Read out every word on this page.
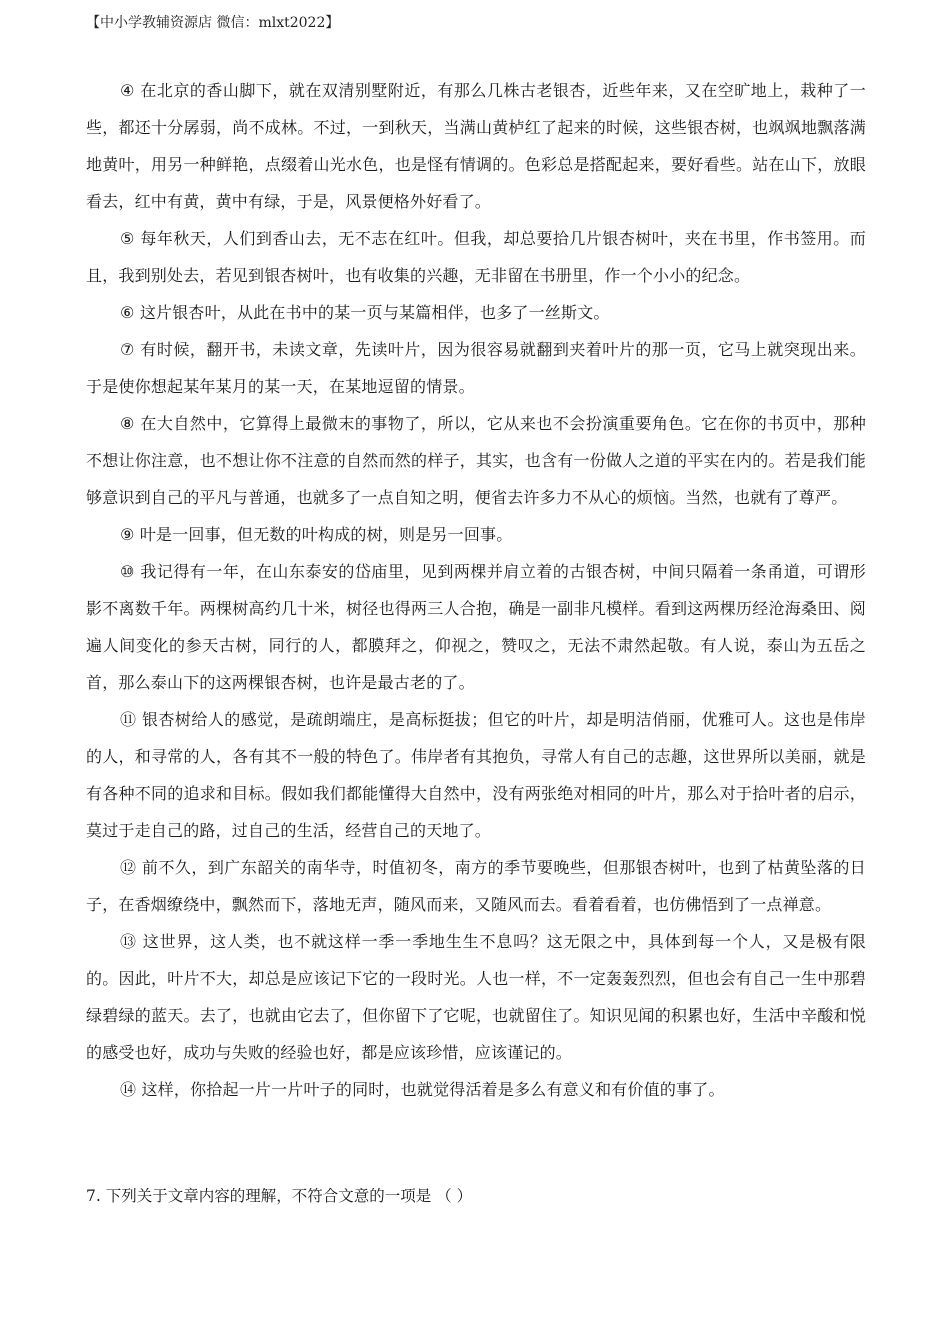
【中小学教辅资源店 微信：mlxt2022】

④ 在北京的香山脚下，就在双清别墅附近，有那么几株古老银杏，近些年来，又在空旷地上，栽种了一些，都还十分孱弱，尚不成林。不过，一到秋天，当满山黄栌红了起来的时候，这些银杏树，也飒飒地飘落满地黄叶，用另一种鲜艳，点缀着山光水色，也是怪有情调的。色彩总是搭配起来，要好看些。站在山下，放眼看去，红中有黄，黄中有绿，于是，风景便格外好看了。

⑤ 每年秋天，人们到香山去，无不志在红叶。但我，却总要拾几片银杏树叶，夹在书里，作书签用。而且，我到别处去，若见到银杏树叶，也有收集的兴趣，无非留在书册里，作一个小小的纪念。

⑥ 这片银杏叶，从此在书中的某一页与某篇相伴，也多了一丝斯文。

⑦ 有时候，翻开书，未读文章，先读叶片，因为很容易就翻到夹着叶片的那一页，它马上就突现出来。于是使你想起某年某月的某一天，在某地逗留的情景。

⑧ 在大自然中，它算得上最微末的事物了，所以，它从来也不会扮演重要角色。它在你的书页中，那种不想让你注意，也不想让你不注意的自然而然的样子，其实，也含有一份做人之道的平实在内的。若是我们能够意识到自己的平凡与普通，也就多了一点自知之明，便省去许多力不从心的烦恼。当然，也就有了尊严。

⑨ 叶是一回事，但无数的叶构成的树，则是另一回事。

⑩ 我记得有一年，在山东泰安的岱庙里，见到两棵并肩立着的古银杏树，中间只隔着一条甬道，可谓形影不离数千年。两棵树高约几十米，树径也得两三人合抱，确是一副非凡模样。看到这两棵历经沧海桑田、阅遍人间变化的参天古树，同行的人，都膜拜之，仰视之，赞叹之，无法不肃然起敬。有人说，泰山为五岳之首，那么泰山下的这两棵银杏树，也许是最古老的了。

⑪ 银杏树给人的感觉，是疏朗端庄，是高标挺拔；但它的叶片，却是明洁俏丽，优雅可人。这也是伟岸的人，和寻常的人，各有其不一般的特色了。伟岸者有其抱负，寻常人有自己的志趣，这世界所以美丽，就是有各种不同的追求和目标。假如我们都能懂得大自然中，没有两张绝对相同的叶片，那么对于拾叶者的启示，莫过于走自己的路，过自己的生活，经营自己的天地了。

⑫ 前不久，到广东韶关的南华寺，时值初冬，南方的季节要晚些，但那银杏树叶，也到了枯黄坠落的日子，在香烟缭绕中，飘然而下，落地无声，随风而来，又随风而去。看着看着，也仿佛悟到了一点禅意。

⑬ 这世界，这人类，也不就这样一季一季地生生不息吗？这无限之中，具体到每一个人，又是极有限的。因此，叶片不大，却总是应该记下它的一段时光。人也一样，不一定轰轰烈烈，但也会有自己一生中那碧绿碧绿的蓝天。去了，也就由它去了，但你留下了它呢，也就留住了。知识见闻的积累也好，生活中辛酸和悦的感受也好，成功与失败的经验也好，都是应该珍惜，应该谨记的。

⑭ 这样，你拾起一片一片叶子的同时，也就觉得活着是多么有意义和有价值的事了。

7. 下列关于文章内容的理解，不符合文意的一项是 （ ）
